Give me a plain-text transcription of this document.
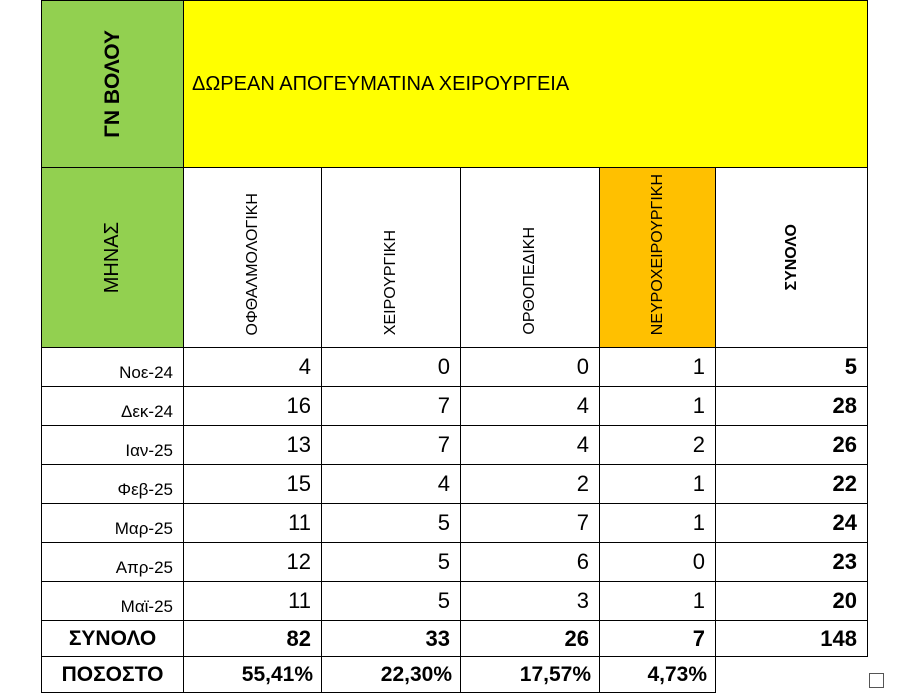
ΓΝ ΒΟΛΟΥ	ΔΩΡΕΑΝ ΑΠΟΓΕΥΜΑΤΙΝΑ ΧΕΙΡΟΥΡΓΕΙΑ				

ΜΗΝΑΣ	ΟΦΘΑΛΜΟΛΟΓΙΚΗ	ΧΕΙΡΟΥΡΓΙΚΗ	ΟΡΘΟΠΕΔΙΚΗ	ΝΕΥΡΟΧΕΙΡΟΥΡΓΙΚΗ	ΣΥΝΟΛΟ

Νοε-24	4	0	0	1	5
Δεκ-24	16	7	4	1	28
Ιαν-25	13	7	4	2	26
Φεβ-25	15	4	2	1	22
Μαρ-25	11	5	7	1	24
Απρ-25	12	5	6	0	23
Μαϊ-25	11	5	3	1	20
ΣΥΝΟΛΟ	82	33	26	7	148
ΠΟΣΟΣΤΟ	55,41%	22,30%	17,57%	4,73%	
